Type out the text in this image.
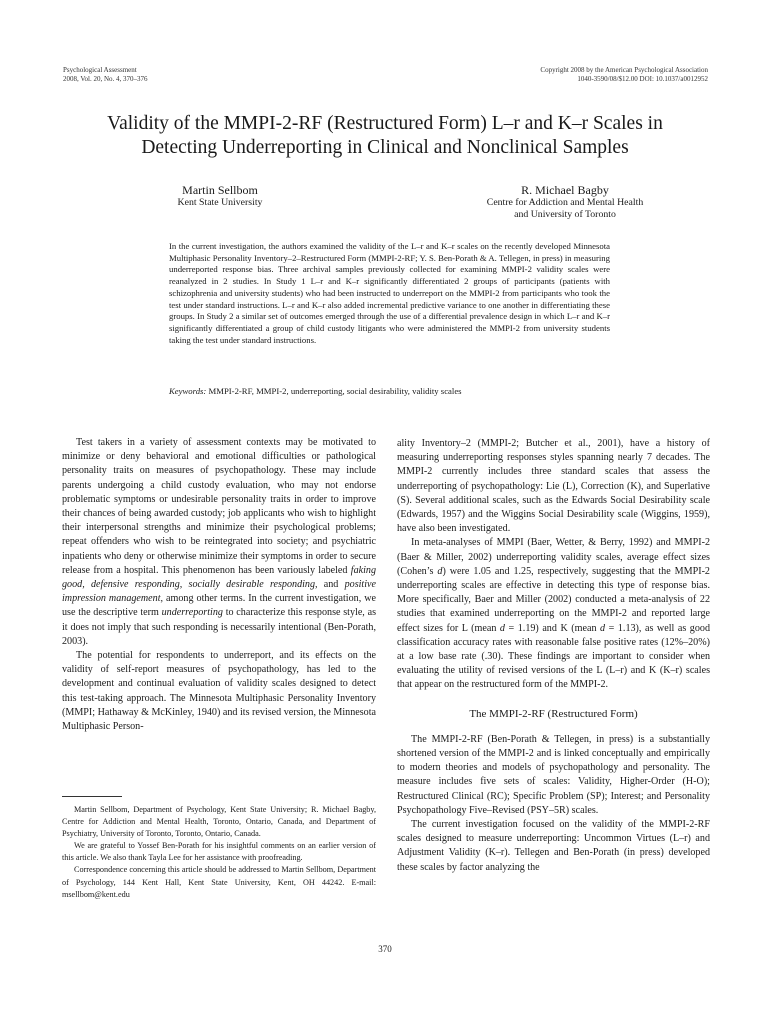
Psychological Assessment
2008, Vol. 20, No. 4, 370–376
Copyright 2008 by the American Psychological Association
1040-3590/08/$12.00 DOI: 10.1037/a0012952
Validity of the MMPI-2-RF (Restructured Form) L–r and K–r Scales in
Detecting Underreporting in Clinical and Nonclinical Samples
Martin Sellbom
Kent State University
R. Michael Bagby
Centre for Addiction and Mental Health
and University of Toronto
In the current investigation, the authors examined the validity of the L–r and K–r scales on the recently developed Minnesota Multiphasic Personality Inventory–2–Restructured Form (MMPI-2-RF; Y. S. Ben-Porath & A. Tellegen, in press) in measuring underreported response bias. Three archival samples previously collected for examining MMPI-2 validity scales were reanalyzed in 2 studies. In Study 1 L–r and K–r significantly differentiated 2 groups of participants (patients with schizophrenia and university students) who had been instructed to underreport on the MMPI-2 from participants who took the test under standard instructions. L–r and K–r also added incremental predictive variance to one another in differentiating these groups. In Study 2 a similar set of outcomes emerged through the use of a differential prevalence design in which L–r and K–r significantly differentiated a group of child custody litigants who were administered the MMPI-2 from university students taking the test under standard instructions.
Keywords: MMPI-2-RF, MMPI-2, underreporting, social desirability, validity scales

Test takers in a variety of assessment contexts may be motivated to minimize or deny behavioral and emotional difficulties or pathological personality traits on measures of psychopathology. These may include parents undergoing a child custody evaluation, who may not endorse problematic symptoms or undesirable personality traits in order to improve their chances of being awarded custody; job applicants who wish to highlight their interpersonal strengths and minimize their psychological problems; repeat offenders who wish to be reintegrated into society; and psychiatric inpatients who deny or otherwise minimize their symptoms in order to secure release from a hospital. This phenomenon has been variously labeled faking good, defensive responding, socially desirable responding, and positive impression management, among other terms. In the current investigation, we use the descriptive term underreporting to characterize this response style, as it does not imply that such responding is necessarily intentional (Ben-Porath, 2003).

The potential for respondents to underreport, and its effects on the validity of self-report measures of psychopathology, has led to the development and continual evaluation of validity scales designed to detect this test-taking approach. The Minnesota Multiphasic Personality Inventory (MMPI; Hathaway & McKinley, 1940) and its revised version, the Minnesota Multiphasic Person-

ality Inventory–2 (MMPI-2; Butcher et al., 2001), have a history of measuring underreporting responses styles spanning nearly 7 decades. The MMPI-2 currently includes three standard scales that assess the underreporting of psychopathology: Lie (L), Correction (K), and Superlative (S). Several additional scales, such as the Edwards Social Desirability scale (Edwards, 1957) and the Wiggins Social Desirability scale (Wiggins, 1959), have also been investigated.

In meta-analyses of MMPI (Baer, Wetter, & Berry, 1992) and MMPI-2 (Baer & Miller, 2002) underreporting validity scales, average effect sizes (Cohen’s d) were 1.05 and 1.25, respectively, suggesting that the MMPI-2 underreporting scales are effective in detecting this type of response bias. More specifically, Baer and Miller (2002) conducted a meta-analysis of 22 studies that examined underreporting on the MMPI-2 and reported large effect sizes for L (mean d = 1.19) and K (mean d = 1.13), as well as good classification accuracy rates with reasonable false positive rates (12%–20%) at a low base rate (.30). These findings are important to consider when evaluating the utility of revised versions of the L (L–r) and K (K–r) scales that appear on the restructured form of the MMPI-2.

The MMPI-2-RF (Restructured Form)

The MMPI-2-RF (Ben-Porath & Tellegen, in press) is a substantially shortened version of the MMPI-2 and is linked conceptually and empirically to modern theories and models of psychopathology and personality. The measure includes five sets of scales: Validity, Higher-Order (H-O); Restructured Clinical (RC); Specific Problem (SP); Interest; and Personality Psychopathology Five–Revised (PSY–5R) scales.

The current investigation focused on the validity of the MMPI-2-RF scales designed to measure underreporting: Uncommon Virtues (L–r) and Adjustment Validity (K–r). Tellegen and Ben-Porath (in press) developed these scales by factor analyzing the

Martin Sellbom, Department of Psychology, Kent State University; R. Michael Bagby, Centre for Addiction and Mental Health, Toronto, Ontario, Canada, and Department of Psychiatry, University of Toronto, Toronto, Ontario, Canada.

We are grateful to Yossef Ben-Porath for his insightful comments on an earlier version of this article. We also thank Tayla Lee for her assistance with proofreading.

Correspondence concerning this article should be addressed to Martin Sellbom, Department of Psychology, 144 Kent Hall, Kent State University, Kent, OH 44242. E-mail: msellbom@kent.edu

370
